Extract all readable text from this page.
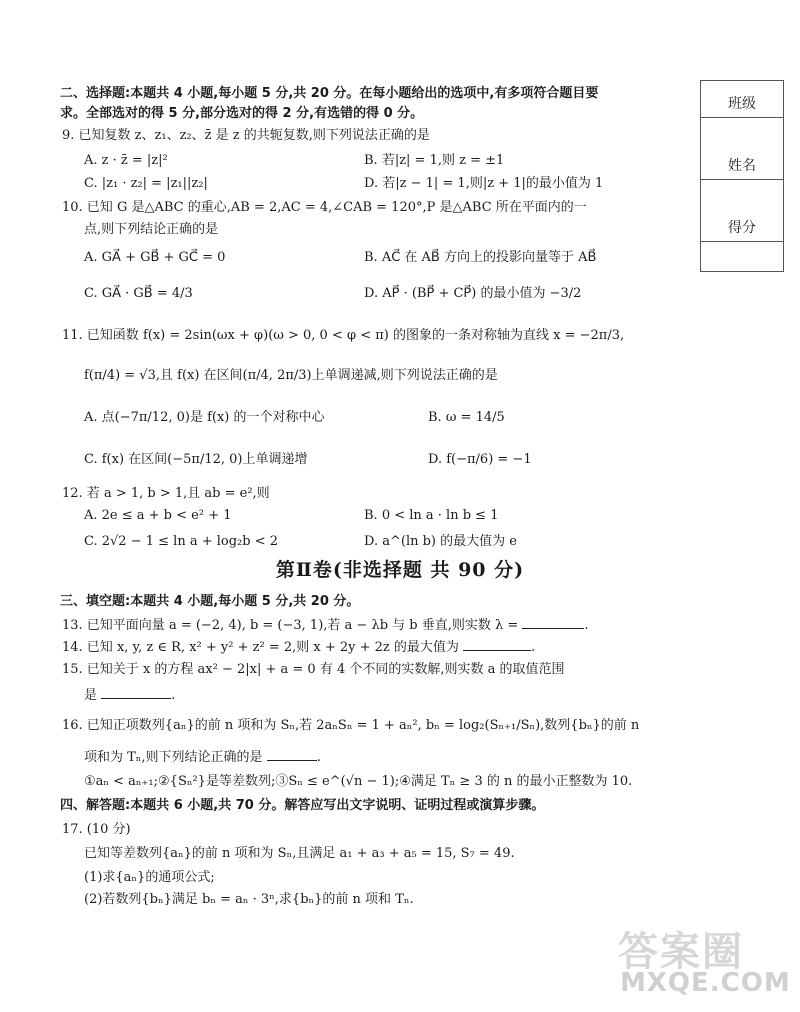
班级
姓名
得分
二、选择题:本题共 4 小题,每小题 5 分,共 20 分。在每小题给出的选项中,有多项符合题目要
求。全部选对的得 5 分,部分选对的得 2 分,有选错的得 0 分。
9. 已知复数 z、z₁、z₂、z̄ 是 z 的共轭复数,则下列说法正确的是
A. z · z̄ = |z|²	B. 若|z| = 1,则 z = ±1
C. |z₁ · z₂| = |z₁||z₂|	D. 若|z − 1| = 1,则|z + 1|的最小值为 1
10. 已知 G 是△ABC 的重心,AB = 2,AC = 4,∠CAB = 120°,P 是△ABC 所在平面内的一
点,则下列结论正确的是
A. GA⃗ + GB⃗ + GC⃗ = 0	B. AC⃗ 在 AB⃗ 方向上的投影向量等于 AB⃗
C. GA⃗ · GB⃗ = 4/3	D. AP⃗ · (BP⃗ + CP⃗) 的最小值为 −3/2
11. 已知函数 f(x) = 2sin(ωx + φ)(ω > 0, 0 < φ < π) 的图象的一条对称轴为直线 x = −2π/3,
f(π/4) = √3,且 f(x) 在区间(π/4, 2π/3)上单调递减,则下列说法正确的是
A. 点(−7π/12, 0)是 f(x) 的一个对称中心	B. ω = 14/5
C. f(x) 在区间(−5π/12, 0)上单调递增	D. f(−π/6) = −1
12. 若 a > 1, b > 1,且 ab = e²,则
A. 2e ≤ a + b < e² + 1	B. 0 < ln a · ln b ≤ 1
C. 2√2 − 1 ≤ ln a + log₂b < 2	D. a^(ln b) 的最大值为 e
第Ⅱ卷(非选择题 共 90 分)
三、填空题:本题共 4 小题,每小题 5 分,共 20 分。
13. 已知平面向量 a = (−2, 4), b = (−3, 1),若 a − λb 与 b 垂直,则实数 λ =	.
14. 已知 x, y, z ∈ R, x² + y² + z² = 2,则 x + 2y + 2z 的最大值为	.
15. 已知关于 x 的方程 ax² − 2|x| + a = 0 有 4 个不同的实数解,则实数 a 的取值范围
是	.
16. 已知正项数列{aₙ}的前 n 项和为 Sₙ,若 2aₙSₙ = 1 + aₙ², bₙ = log₂(Sₙ₊₁/Sₙ),数列{bₙ}的前 n
项和为 Tₙ,则下列结论正确的是	.
①aₙ < aₙ₊₁;②{Sₙ²}是等差数列;③Sₙ ≤ e^(√n − 1);④满足 Tₙ ≥ 3 的 n 的最小正整数为 10.
四、解答题:本题共 6 小题,共 70 分。解答应写出文字说明、证明过程或演算步骤。
17. (10 分)
已知等差数列{aₙ}的前 n 项和为 Sₙ,且满足 a₁ + a₃ + a₅ = 15, S₇ = 49.
(1)求{aₙ}的通项公式;
(2)若数列{bₙ}满足 bₙ = aₙ · 3ⁿ,求{bₙ}的前 n 项和 Tₙ.
答案圈
MXQE.COM
